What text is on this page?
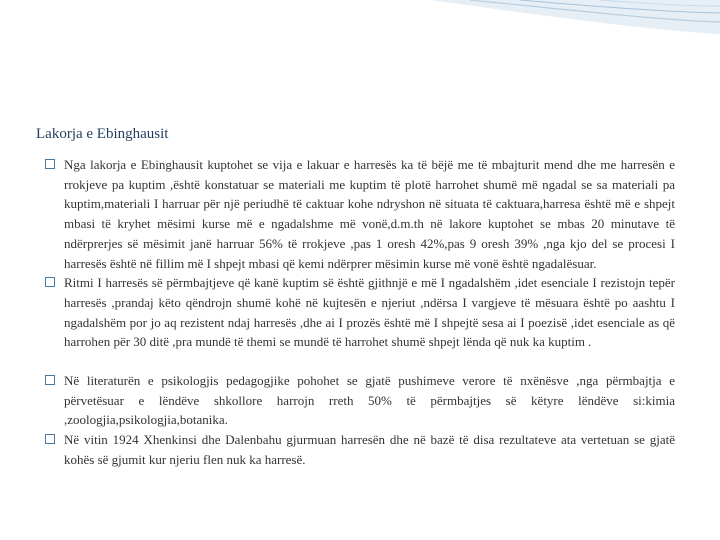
Lakorja e Ebinghausit

Nga lakorja e Ebinghausit kuptohet se vija e lakuar e harresës ka të bëjë me të mbajturit mend dhe me harresën e rrokjeve pa kuptim ,është konstatuar se materiali me kuptim të plotë harrohet shumë më ngadal se sa materiali pa kuptim,materiali I harruar për një periudhë të caktuar kohe ndryshon në situata të caktuara,harresa është më e shpejt mbasi të kryhet mësimi kurse më e ngadalshme më vonë,d.m.th në lakore kuptohet se mbas 20 minutave të ndërprerjes së mësimit janë harruar 56% të rrokjeve ,pas 1 oresh 42%,pas 9 oresh 39% ,nga kjo del se procesi I harresës është në fillim më I shpejt mbasi që kemi ndërprer mësimin kurse më vonë është ngadalësuar.

Ritmi I harresës së përmbajtjeve që kanë kuptim së është gjithnjë e më I ngadalshëm ,idet esenciale I rezistojn tepër harresës ,prandaj këto qëndrojn shumë kohë në kujtesën e njeriut ,ndërsa I vargjeve të mësuara është po aashtu I ngadalshëm por jo aq rezistent ndaj harresës ,dhe ai I prozës është më I shpejtë sesa ai I poezisë ,idet esenciale as që harrohen për 30 ditë ,pra mundë të themi se mundë të harrohet shumë shpejt lënda që nuk ka kuptim .

Në literaturën e psikologjis pedagogjike pohohet se gjatë pushimeve verore të nxënësve ,nga përmbajtja e përvetësuar e lëndëve shkollore harrojn rreth 50% të përmbajtjes së këtyre lëndëve si:kimia ,zoologjia,psikologjia,botanika.

Në vitin 1924 Xhenkinsi dhe Dalenbahu gjurmuan harresën dhe në bazë të disa rezultateve ata vertetuan se gjatë kohës së gjumit kur njeriu flen nuk ka harresë.
